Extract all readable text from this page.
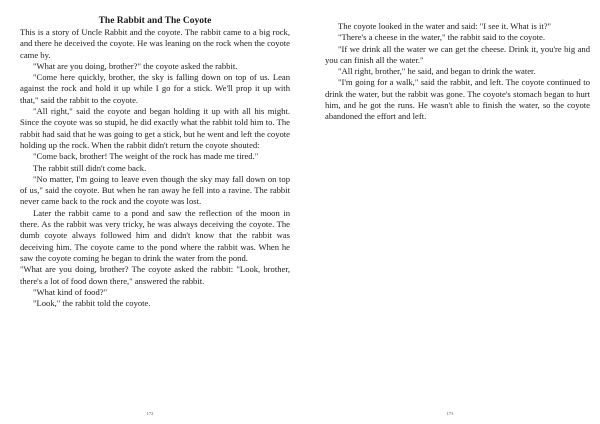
The Rabbit and The Coyote

This is a story of Uncle Rabbit and the coyote. The rabbit came to a big rock, and there he deceived the coyote. He was leaning on the rock when the coyote came by.

"What are you doing, brother?" the coyote asked the rabbit.

"Come here quickly, brother, the sky is falling down on top of us. Lean against the rock and hold it up while I go for a stick. We'll prop it up with that," said the rabbit to the coyote.

"All right," said the coyote and began holding it up with all his might. Since the coyote was so stupid, he did exactly what the rabbit told him to. The rabbit had said that he was going to get a stick, but he went and left the coyote holding up the rock. When the rabbit didn't return the coyote shouted:

"Come back, brother! The weight of the rock has made me tired."

The rabbit still didn't come back.

"No matter, I'm going to leave even though the sky may fall down on top of us," said the coyote. But when he ran away he fell into a ravine. The rabbit never came back to the rock and the coyote was lost.

Later the rabbit came to a pond and saw the reflection of the moon in there. As the rabbit was very tricky, he was always deceiving the coyote. The dumb coyote always followed him and didn't know that the rabbit was deceiving him. The coyote came to the pond where the rabbit was. When he saw the coyote coming he began to drink the water from the pond.

"What are you doing, brother? The coyote asked the rabbit: "Look, brother, there's a lot of food down there," answered the rabbit.

"What kind of food?"

"Look," the rabbit told the coyote.

172

The coyote looked in the water and said: "I see it. What is it?"

"There's a cheese in the water," the rabbit said to the coyote.

"If we drink all the water we can get the cheese. Drink it, you're big and you can finish all the water."

"All right, brother," he said, and began to drink the water.

"I'm going for a walk," said the rabbit, and left. The coyote continued to drink the water, but the rabbit was gone. The coyote's stomach began to hurt him, and he got the runs. He wasn't able to finish the water, so the coyote abandoned the effort and left.

173
